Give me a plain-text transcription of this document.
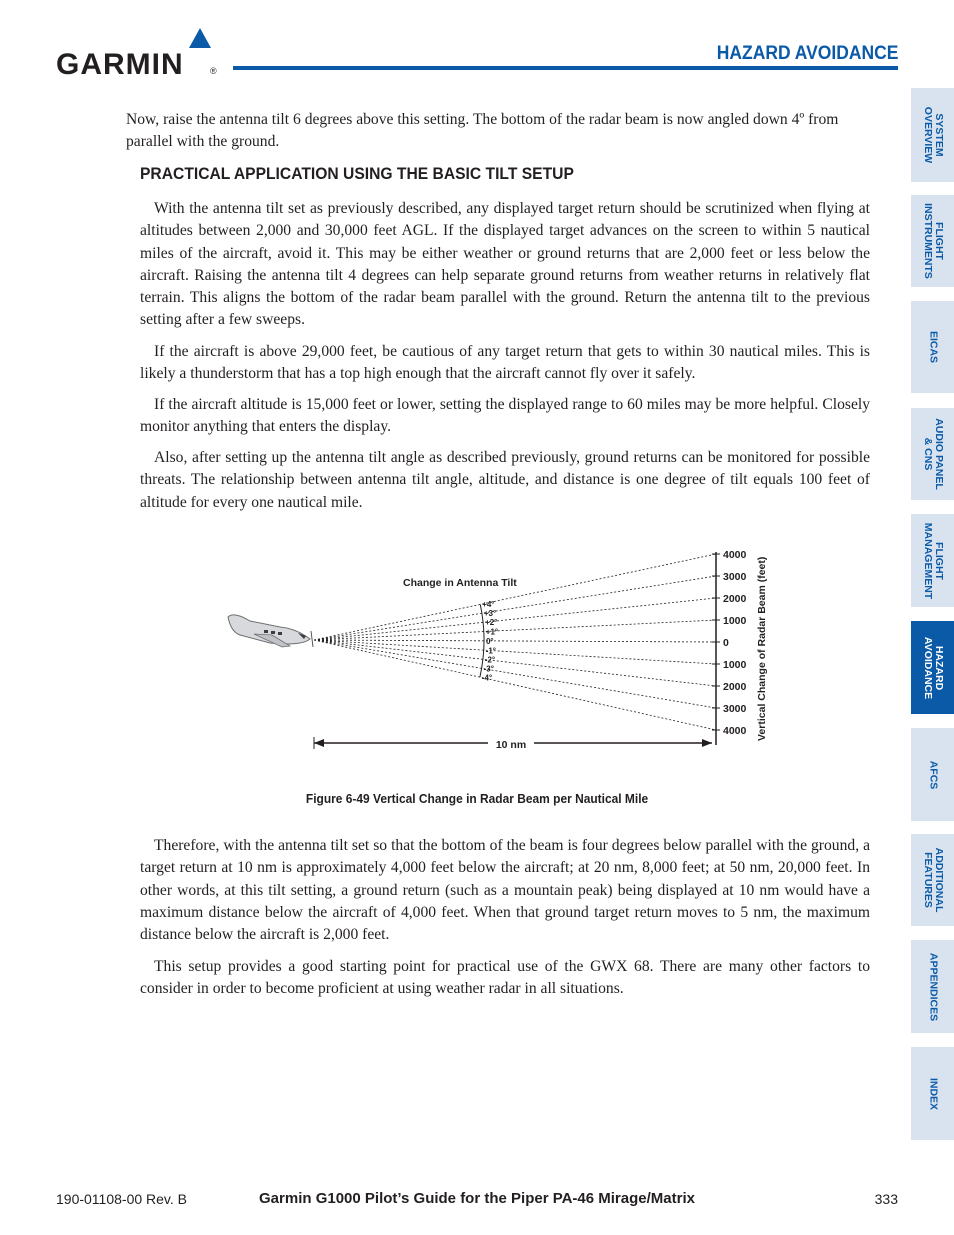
GARMIN	®
HAZARD AVOIDANCE

Now, raise the antenna tilt 6 degrees above this setting. The bottom of the radar beam is now angled down 4º from parallel with the ground.

PRACTICAL APPLICATION USING THE BASIC TILT SETUP

With the antenna tilt set as previously described, any displayed target return should be scrutinized when flying at altitudes between 2,000 and 30,000 feet AGL. If the displayed target advances on the screen to within 5 nautical miles of the aircraft, avoid it. This may be either weather or ground returns that are 2,000 feet or less below the aircraft. Raising the antenna tilt 4 degrees can help separate ground returns from weather returns in relatively flat terrain. This aligns the bottom of the radar beam parallel with the ground. Return the antenna tilt to the previous setting after a few sweeps.

If the aircraft is above 29,000 feet, be cautious of any target return that gets to within 30 nautical miles. This is likely a thunderstorm that has a top high enough that the aircraft cannot fly over it safely.

If the aircraft altitude is 15,000 feet or lower, setting the displayed range to 60 miles may be more helpful. Closely monitor anything that enters the display.

Also, after setting up the antenna tilt angle as described previously, ground returns can be monitored for possible threats. The relationship between antenna tilt angle, altitude, and distance is one degree of tilt equals 100 feet of altitude for every one nautical mile.

+4°
+3°
+2°
+1°
0°
-1°
-2°
-3°
-4°
4000
3000
2000
1000
0
1000
2000
3000
4000
Change in Antenna Tilt	Vertical Change of Radar Beam (feet)
10 nm
Figure 6-49 Vertical Change in Radar Beam per Nautical Mile

Therefore, with the antenna tilt set so that the bottom of the beam is four degrees below parallel with the ground, a target return at 10 nm is approximately 4,000 feet below the aircraft; at 20 nm, 8,000 feet; at 50 nm, 20,000 feet. In other words, at this tilt setting, a ground return (such as a mountain peak) being displayed at 10 nm would have a maximum distance below the aircraft of 4,000 feet. When that ground target return moves to 5 nm, the maximum distance below the aircraft is 2,000 feet.

This setup provides a good starting point for practical use of the GWX 68. There are many other factors to consider in order to become proficient at using weather radar in all situations.

SYSTEM
OVERVIEW
FLIGHT
INSTRUMENTS
EICAS
AUDIO PANEL
& CNS
FLIGHT
MANAGEMENT
HAZARD
AVOIDANCE
AFCS
ADDITIONAL
FEATURES
APPENDICES
INDEX
190-01108-00 Rev. B	Garmin G1000 Pilot’s Guide for the Piper PA-46 Mirage/Matrix	333
